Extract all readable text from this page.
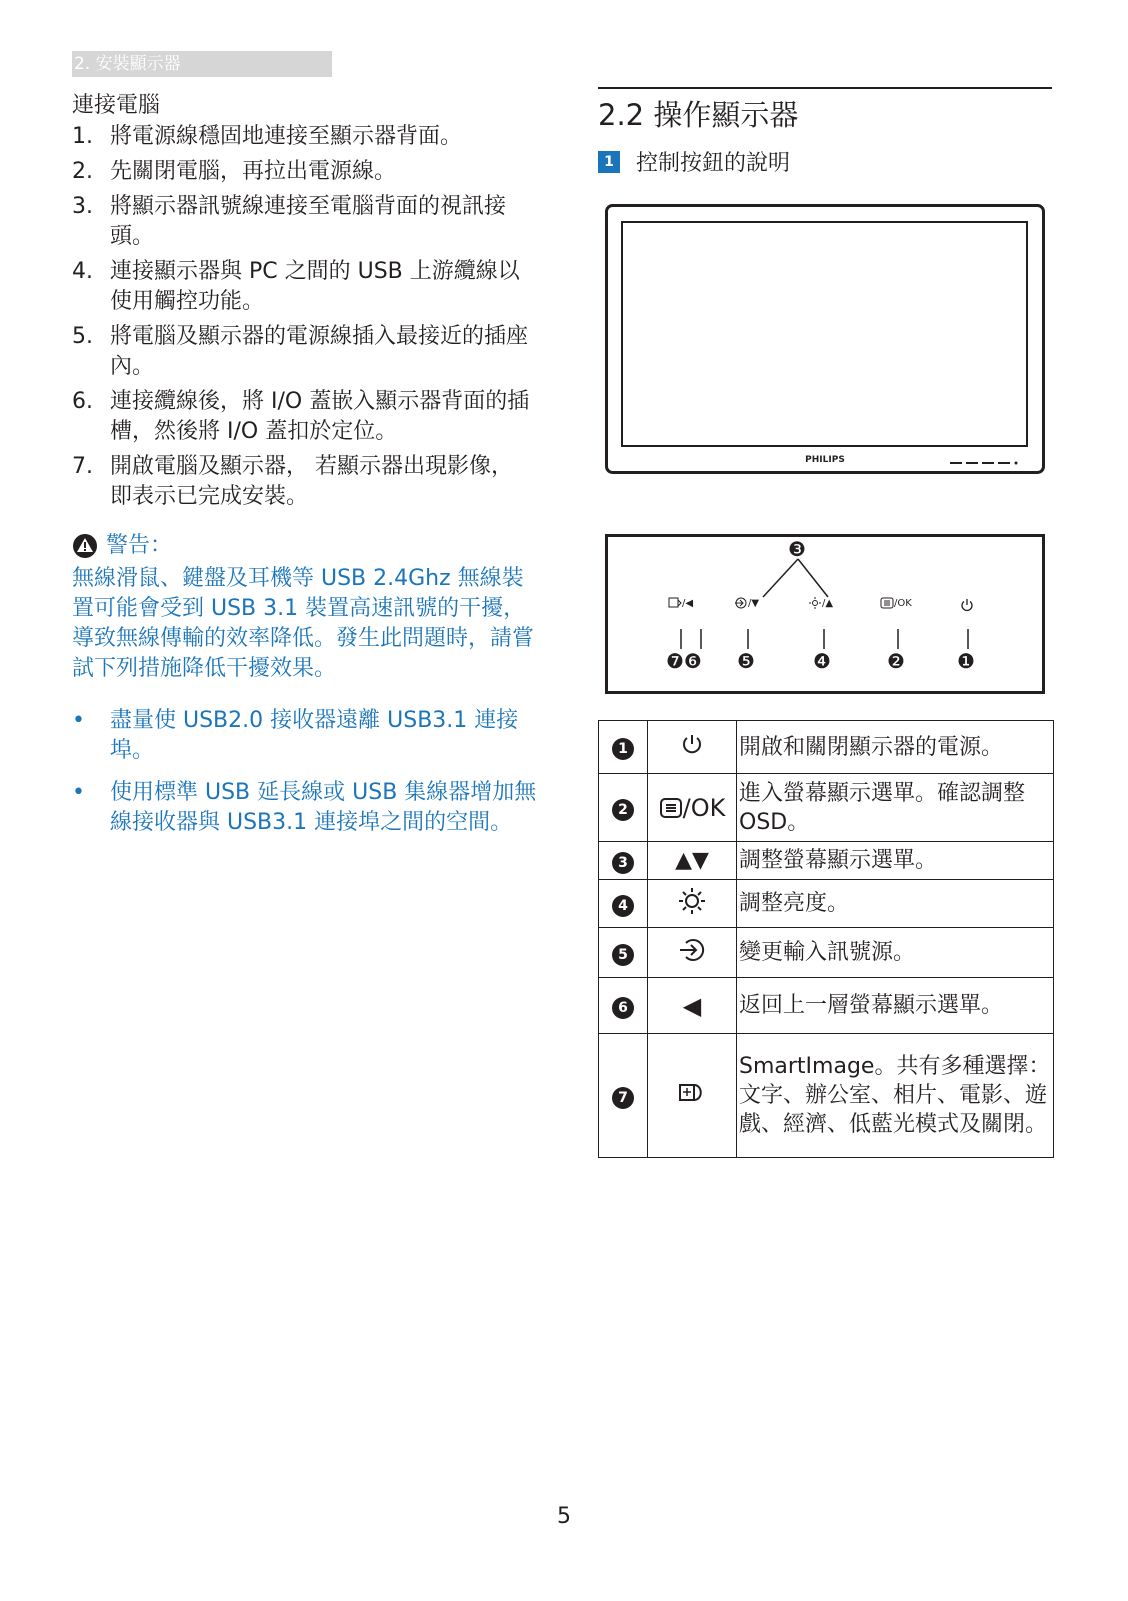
2. 安裝顯示器
連接電腦
1. 將電源線穩固地連接至顯示器背面。
2. 先關閉電腦，再拉出電源線。
3. 將顯示器訊號線連接至電腦背面的視訊接頭。
4. 連接顯示器與 PC 之間的 USB 上游纜線以使用觸控功能。
5. 將電腦及顯示器的電源線插入最接近的插座內。
6. 連接纜線後，將 I/O 蓋嵌入顯示器背面的插槽，然後將 I/O 蓋扣於定位。
7. 開啟電腦及顯示器， 若顯示器出現影像，即表示已完成安裝。
警告：
無線滑鼠、鍵盤及耳機等 USB 2.4Ghz 無線裝置可能會受到 USB 3.1 裝置高速訊號的干擾，導致無線傳輸的效率降低。發生此問題時，請嘗試下列措施降低干擾效果。
• 盡量使 USB2.0 接收器遠離 USB3.1 連接埠。
• 使用標準 USB 延長線或 USB 集線器增加無線接收器與 USB3.1 連接埠之間的空間。
2.2 操作顯示器
1 控制按鈕的說明
PHILIPS
❸
❼❻ ❺	❹	❷	❶
/◀	/▼	/▲	/OK
1		開啟和關閉顯示器的電源。
2	/OK	進入螢幕顯示選單。確認調整 OSD。
3	▲▼	調整螢幕顯示選單。
4		調整亮度。
5		變更輸入訊號源。
6	◀	返回上一層螢幕顯示選單。
7		SmartImage。共有多種選擇：文字、辦公室、相片、電影、遊戲、經濟、低藍光模式及關閉。
5
